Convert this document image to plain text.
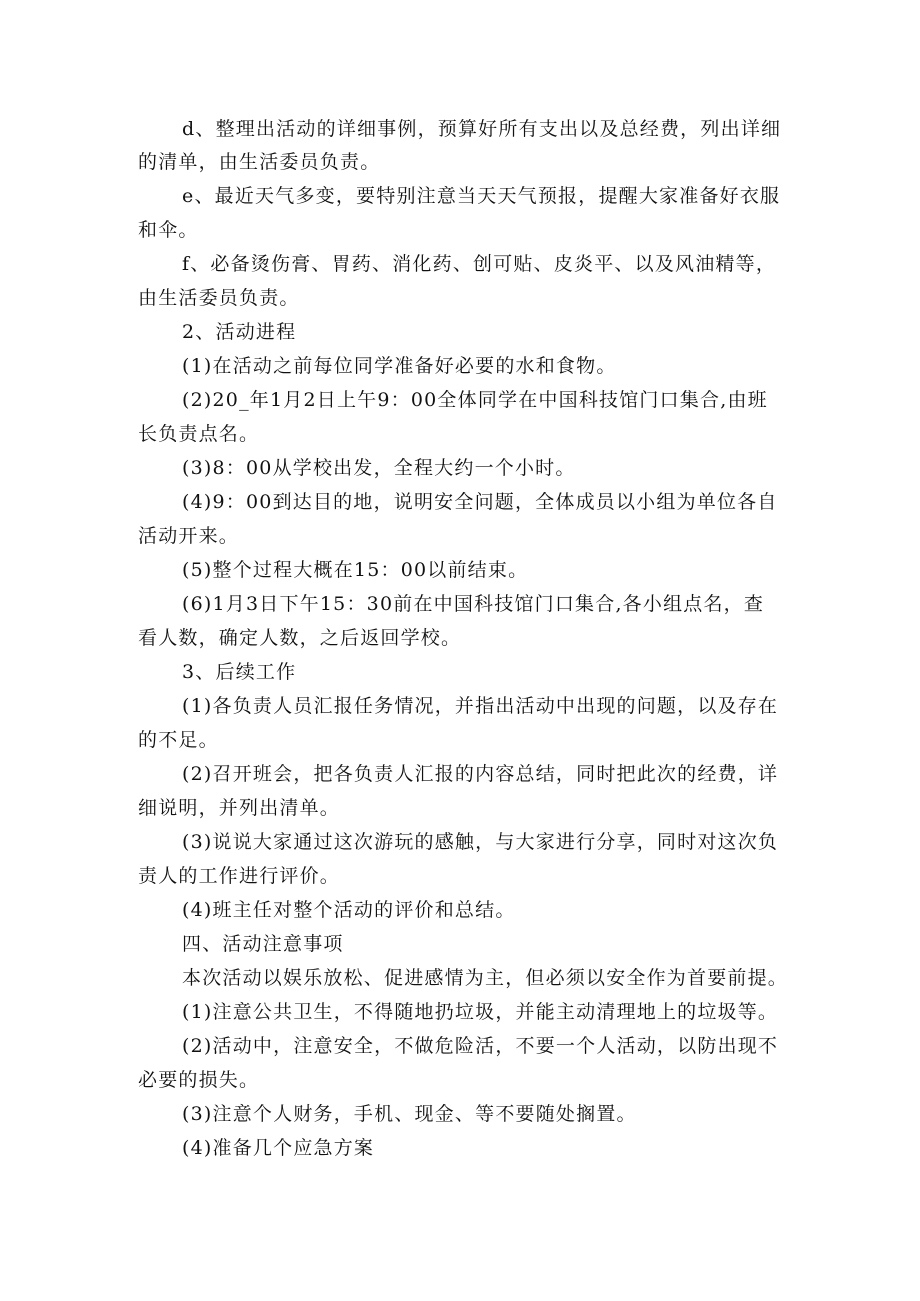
d、整理出活动的详细事例，预算好所有支出以及总经费，列出详细
的清单，由生活委员负责。
e、最近天气多变，要特别注意当天天气预报，提醒大家准备好衣服
和伞。
f、必备烫伤膏、胃药、消化药、创可贴、皮炎平、以及风油精等，
由生活委员负责。
2、活动进程
(1)在活动之前每位同学准备好必要的水和食物。
(2)20_年1月2日上午9：00全体同学在中国科技馆门口集合,由班
长负责点名。
(3)8：00从学校出发，全程大约一个小时。
(4)9：00到达目的地，说明安全问题，全体成员以小组为单位各自
活动开来。
(5)整个过程大概在15：00以前结束。
(6)1月3日下午15：30前在中国科技馆门口集合,各小组点名，查
看人数，确定人数，之后返回学校。
3、后续工作
(1)各负责人员汇报任务情况，并指出活动中出现的问题，以及存在
的不足。
(2)召开班会，把各负责人汇报的内容总结，同时把此次的经费，详
细说明，并列出清单。
(3)说说大家通过这次游玩的感触，与大家进行分享，同时对这次负
责人的工作进行评价。
(4)班主任对整个活动的评价和总结。
四、活动注意事项
本次活动以娱乐放松、促进感情为主，但必须以安全作为首要前提。
(1)注意公共卫生，不得随地扔垃圾，并能主动清理地上的垃圾等。
(2)活动中，注意安全，不做危险活，不要一个人活动，以防出现不
必要的损失。
(3)注意个人财务，手机、现金、等不要随处搁置。
(4)准备几个应急方案
